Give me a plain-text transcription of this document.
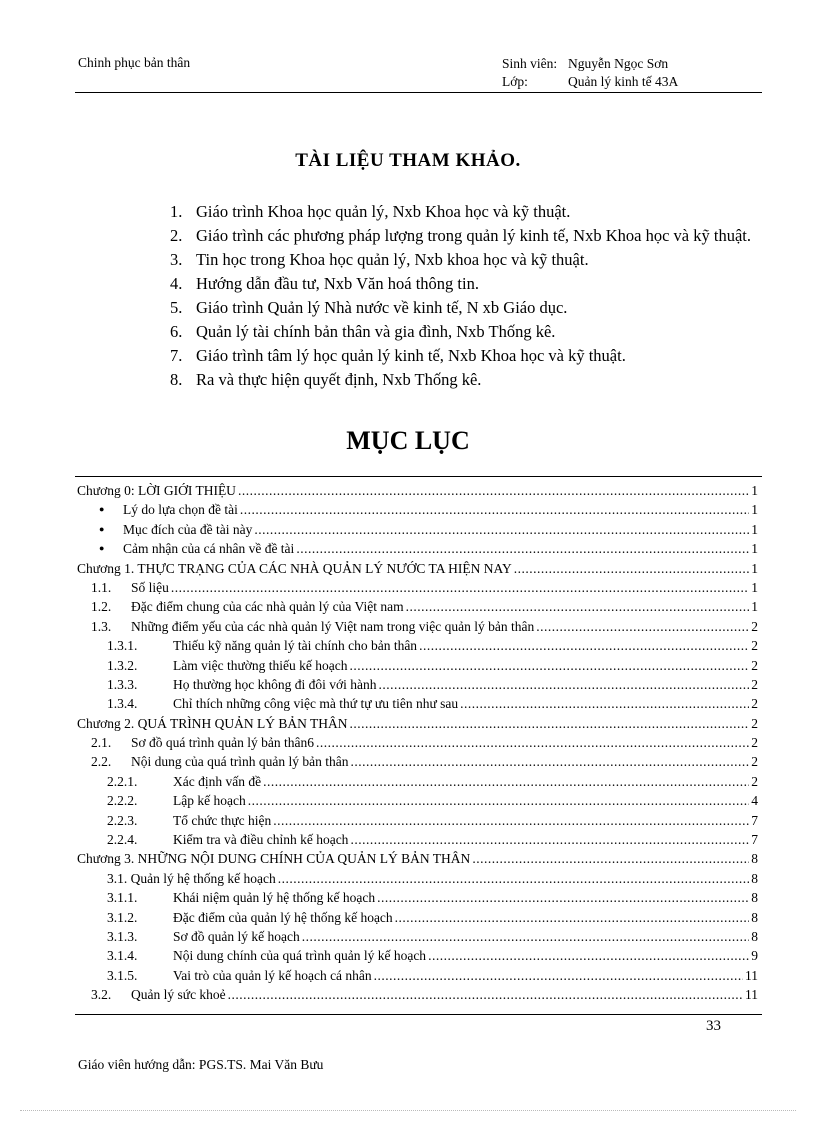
Chinh phục bản thân	Sinh viên: Nguyễn Ngọc Sơn
Lớp:	Quản lý kinh tế 43A
TÀI LIỆU THAM KHẢO.
1. Giáo trình Khoa học quản lý, Nxb Khoa học và kỹ thuật.
2. Giáo trình các phương pháp lượng trong quản lý kinh tế, Nxb Khoa học và kỹ thuật.
3. Tin học trong Khoa học quản lý, Nxb khoa học và kỹ thuật.
4. Hướng dẫn đầu tư, Nxb Văn hoá thông tin.
5. Giáo trình Quản lý Nhà nước về kinh tế, N xb Giáo dục.
6. Quản lý tài chính bản thân và gia đình, Nxb Thống kê.
7. Giáo trình tâm lý học quản lý kinh tế, Nxb Khoa học và kỹ thuật.
8. Ra và thực hiện quyết định, Nxb Thống kê.
MỤC LỤC
Chương 0: LỜI GIỚI THIỆU .....	1
● Lý do lựa chọn đề tài .....	1
● Mục đích của đề tài này .....	1
● Cảm nhận của cá nhân về đề tài .....	1
Chương 1. THỰC TRẠNG CỦA CÁC NHÀ QUẢN LÝ NƯỚC TA HIỆN NAY .....	1
1.1. Số liệu .....	1
1.2. Đặc điểm chung của các nhà quản lý của Việt nam .....	1
1.3. Những điểm yếu của các nhà quản lý Việt nam trong việc quản lý bản thân .....	2
1.3.1.	Thiếu kỹ năng quản lý tài chính cho bản thân .....	2
1.3.2.	Làm việc thường thiếu kế hoạch .....	2
1.3.3.	Họ thường học không đi đôi với hành .....	2
1.3.4.	Chỉ thích những công việc mà thứ tự ưu tiên như sau .....	2
Chương 2. QUÁ TRÌNH QUẢN LÝ BẢN THÂN .....	2
2.1. Sơ đồ quá trình quản lý bản thân6 .....	2
2.2. Nội dung của quá trình quản lý bản thân .....	2
2.2.1.	Xác định vấn đề .....	2
2.2.2.	Lập kế hoạch .....	4
2.2.3.	Tổ chức thực hiện .....	7
2.2.4.	Kiểm tra và điều chỉnh kế hoạch .....	7
Chương 3. NHỮNG NỘI DUNG CHÍNH CỦA QUẢN LÝ BẢN THÂN .....	8
3.1. Quản lý hệ thống kế hoạch .....	8
3.1.1.	Khái niệm quản lý hệ thống kế hoạch .....	8
3.1.2.	Đặc điểm của quản lý hệ thống kế hoạch .....	8
3.1.3.	Sơ đồ quản lý kế hoạch .....	8
3.1.4.	Nội dung chính của quá trình quản lý kế hoạch .....	9
3.1.5.	Vai trò của quản lý kế hoạch cá nhân .....	11
3.2. Quản lý sức khoẻ .....	11
33
Giáo viên hướng dẫn: PGS.TS. Mai Văn Bưu
